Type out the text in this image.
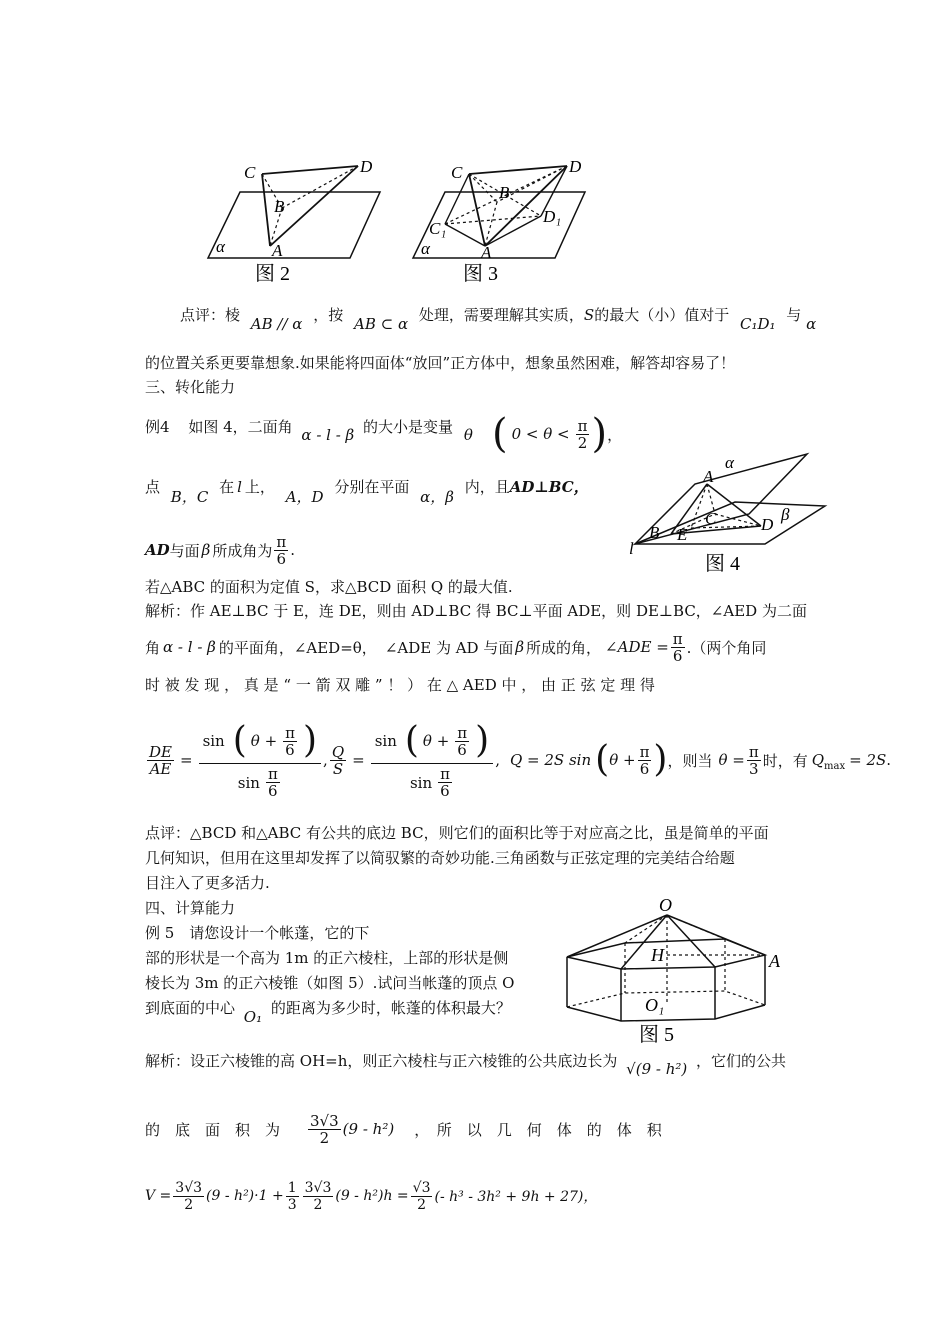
C	D
B
α	A
图 2
C	D
B
D₁
C₁
α	A
图 3
点评：棱 AB // α ，按 AB ⊂ α 处理，需要理解其实质，S的最大（小）值对于 C₁D₁ 与 α
的位置关系更要靠想象.如果能将四面体“放回”正方体中，想象虽然困难，解答却容易了！
三、转化能力
例4 如图 4，二面角 α - l - β 的大小是变量 θ ( $0 < \theta < \frac{\pi}{2}$ ) ，
点 B，C 在 l 上， A，D 分别在平面 α，β 内，且AD⊥BC，
AD 与面 β 所成角为 $\frac{\pi}{6}$ .
若△ABC 的面积为定值 S，求△BCD 面积 Q 的最大值.
A
α
C	D
β
B E
l
图 4
解析：作 AE⊥BC 于 E，连 DE，则由 AD⊥BC 得 BC⊥平面 ADE，则 DE⊥BC，∠AED 为二面
角 α - l - β 的平面角，∠AED=θ， ∠ADE 为 AD 与面 β 所成的角， ∠ADE = $\frac{\pi}{6}$ .（两个角同
时 被 发 现 ， 真 是 “ 一 箭 双 雕 ” ！ ） 在 △ AED 中 ， 由 正 弦 定 理 得
$\frac{DE}{AE} = \frac{\sin ( \theta + \frac{\pi}{6} )}{\sin \frac{\pi}{6}}$ , $\frac{Q}{S} = \frac{\sin ( \theta + \frac{\pi}{6} )}{\sin \frac{\pi}{6}}$ , Q = 2S sin ( $\theta + \frac{\pi}{6}$ ) ，则当 $\theta = \frac{\pi}{3}$ 时，有 Q max = 2S .
点评：△BCD 和△ABC 有公共的底边 BC，则它们的面积比等于对应高之比，虽是简单的平面
几何知识，但用在这里却发挥了以简驭繁的奇妙功能.三角函数与正弦定理的完美结合给题
目注入了更多活力.
四、计算能力
例 5　请您设计一个帐蓬，它的下
部的形状是一个高为 1m 的正六棱柱，上部的形状是侧
棱长为 3m 的正六棱锥（如图 5）.试问当帐蓬的顶点 O
到底面的中心 O₁ 的距离为多少时，帐蓬的体积最大？
O
H	A
O₁
图 5
解析：设正六棱锥的高 OH=h，则正六棱柱与正六棱锥的公共底边长为 √(9 - h²) ，它们的公共
的　底　面　积　为 $\frac{3√3}{2} (9 - h^2)$ ，　所　以　几　何　体　的　体　积
$V = \frac{3√3}{2} (9 - h^2)\cdot 1 + \frac{1}{3} \frac{3√3}{2} (9 - h^2)h = \frac{√3}{2}$ (- h³ - 3h² + 9h + 27)，
